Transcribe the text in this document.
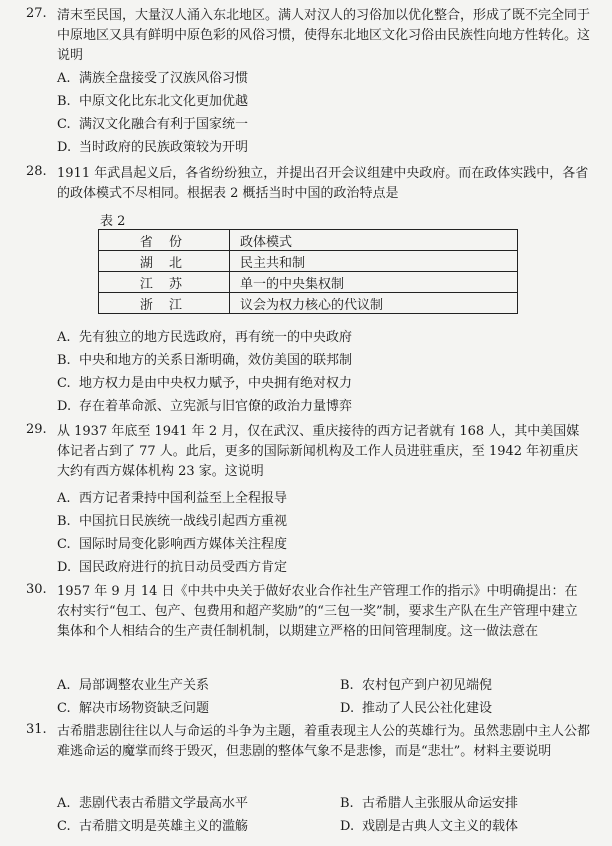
27. 清末至民国，大量汉人涌入东北地区。满人对汉人的习俗加以优化整合，形成了既不完全同于中原地区又具有鲜明中原色彩的风俗习惯，使得东北地区文化习俗由民族性向地方性转化。这说明
A. 满族全盘接受了汉族风俗习惯
B. 中原文化比东北文化更加优越
C. 满汉文化融合有利于国家统一
D. 当时政府的民族政策较为开明
28. 1911 年武昌起义后，各省纷纷独立，并提出召开会议组建中央政府。而在政体实践中，各省的政体模式不尽相同。根据表 2 概括当时中国的政治特点是
表 2
省 份	政体模式
湖 北	民主共和制
江 苏	单一的中央集权制
浙 江	议会为权力核心的代议制
A. 先有独立的地方民选政府，再有统一的中央政府
B. 中央和地方的关系日渐明确，效仿美国的联邦制
C. 地方权力是由中央权力赋予，中央拥有绝对权力
D. 存在着革命派、立宪派与旧官僚的政治力量博弈
29. 从 1937 年底至 1941 年 2 月，仅在武汉、重庆接待的西方记者就有 168 人，其中美国媒体记者占到了 77 人。此后，更多的国际新闻机构及工作人员进驻重庆，至 1942 年初重庆大约有西方媒体机构 23 家。这说明
A. 西方记者秉持中国利益至上全程报导
B. 中国抗日民族统一战线引起西方重视
C. 国际时局变化影响西方媒体关注程度
D. 国民政府进行的抗日动员受西方肯定
30. 1957 年 9 月 14 日《中共中央关于做好农业合作社生产管理工作的指示》中明确提出：在农村实行“包工、包产、包费用和超产奖励”的“三包一奖”制，要求生产队在生产管理中建立集体和个人相结合的生产责任制机制，以期建立严格的田间管理制度。这一做法意在
A. 局部调整农业生产关系	B. 农村包产到户初见端倪
C. 解决市场物资缺乏问题	D. 推动了人民公社化建设
31. 古希腊悲剧往往以人与命运的斗争为主题，着重表现主人公的英雄行为。虽然悲剧中主人公都难逃命运的魔掌而终于毁灭，但悲剧的整体气象不是悲惨，而是“悲壮”。材料主要说明
A. 悲剧代表古希腊文学最高水平	B. 古希腊人主张服从命运安排
C. 古希腊文明是英雄主义的滥觞	D. 戏剧是古典人文主义的载体
